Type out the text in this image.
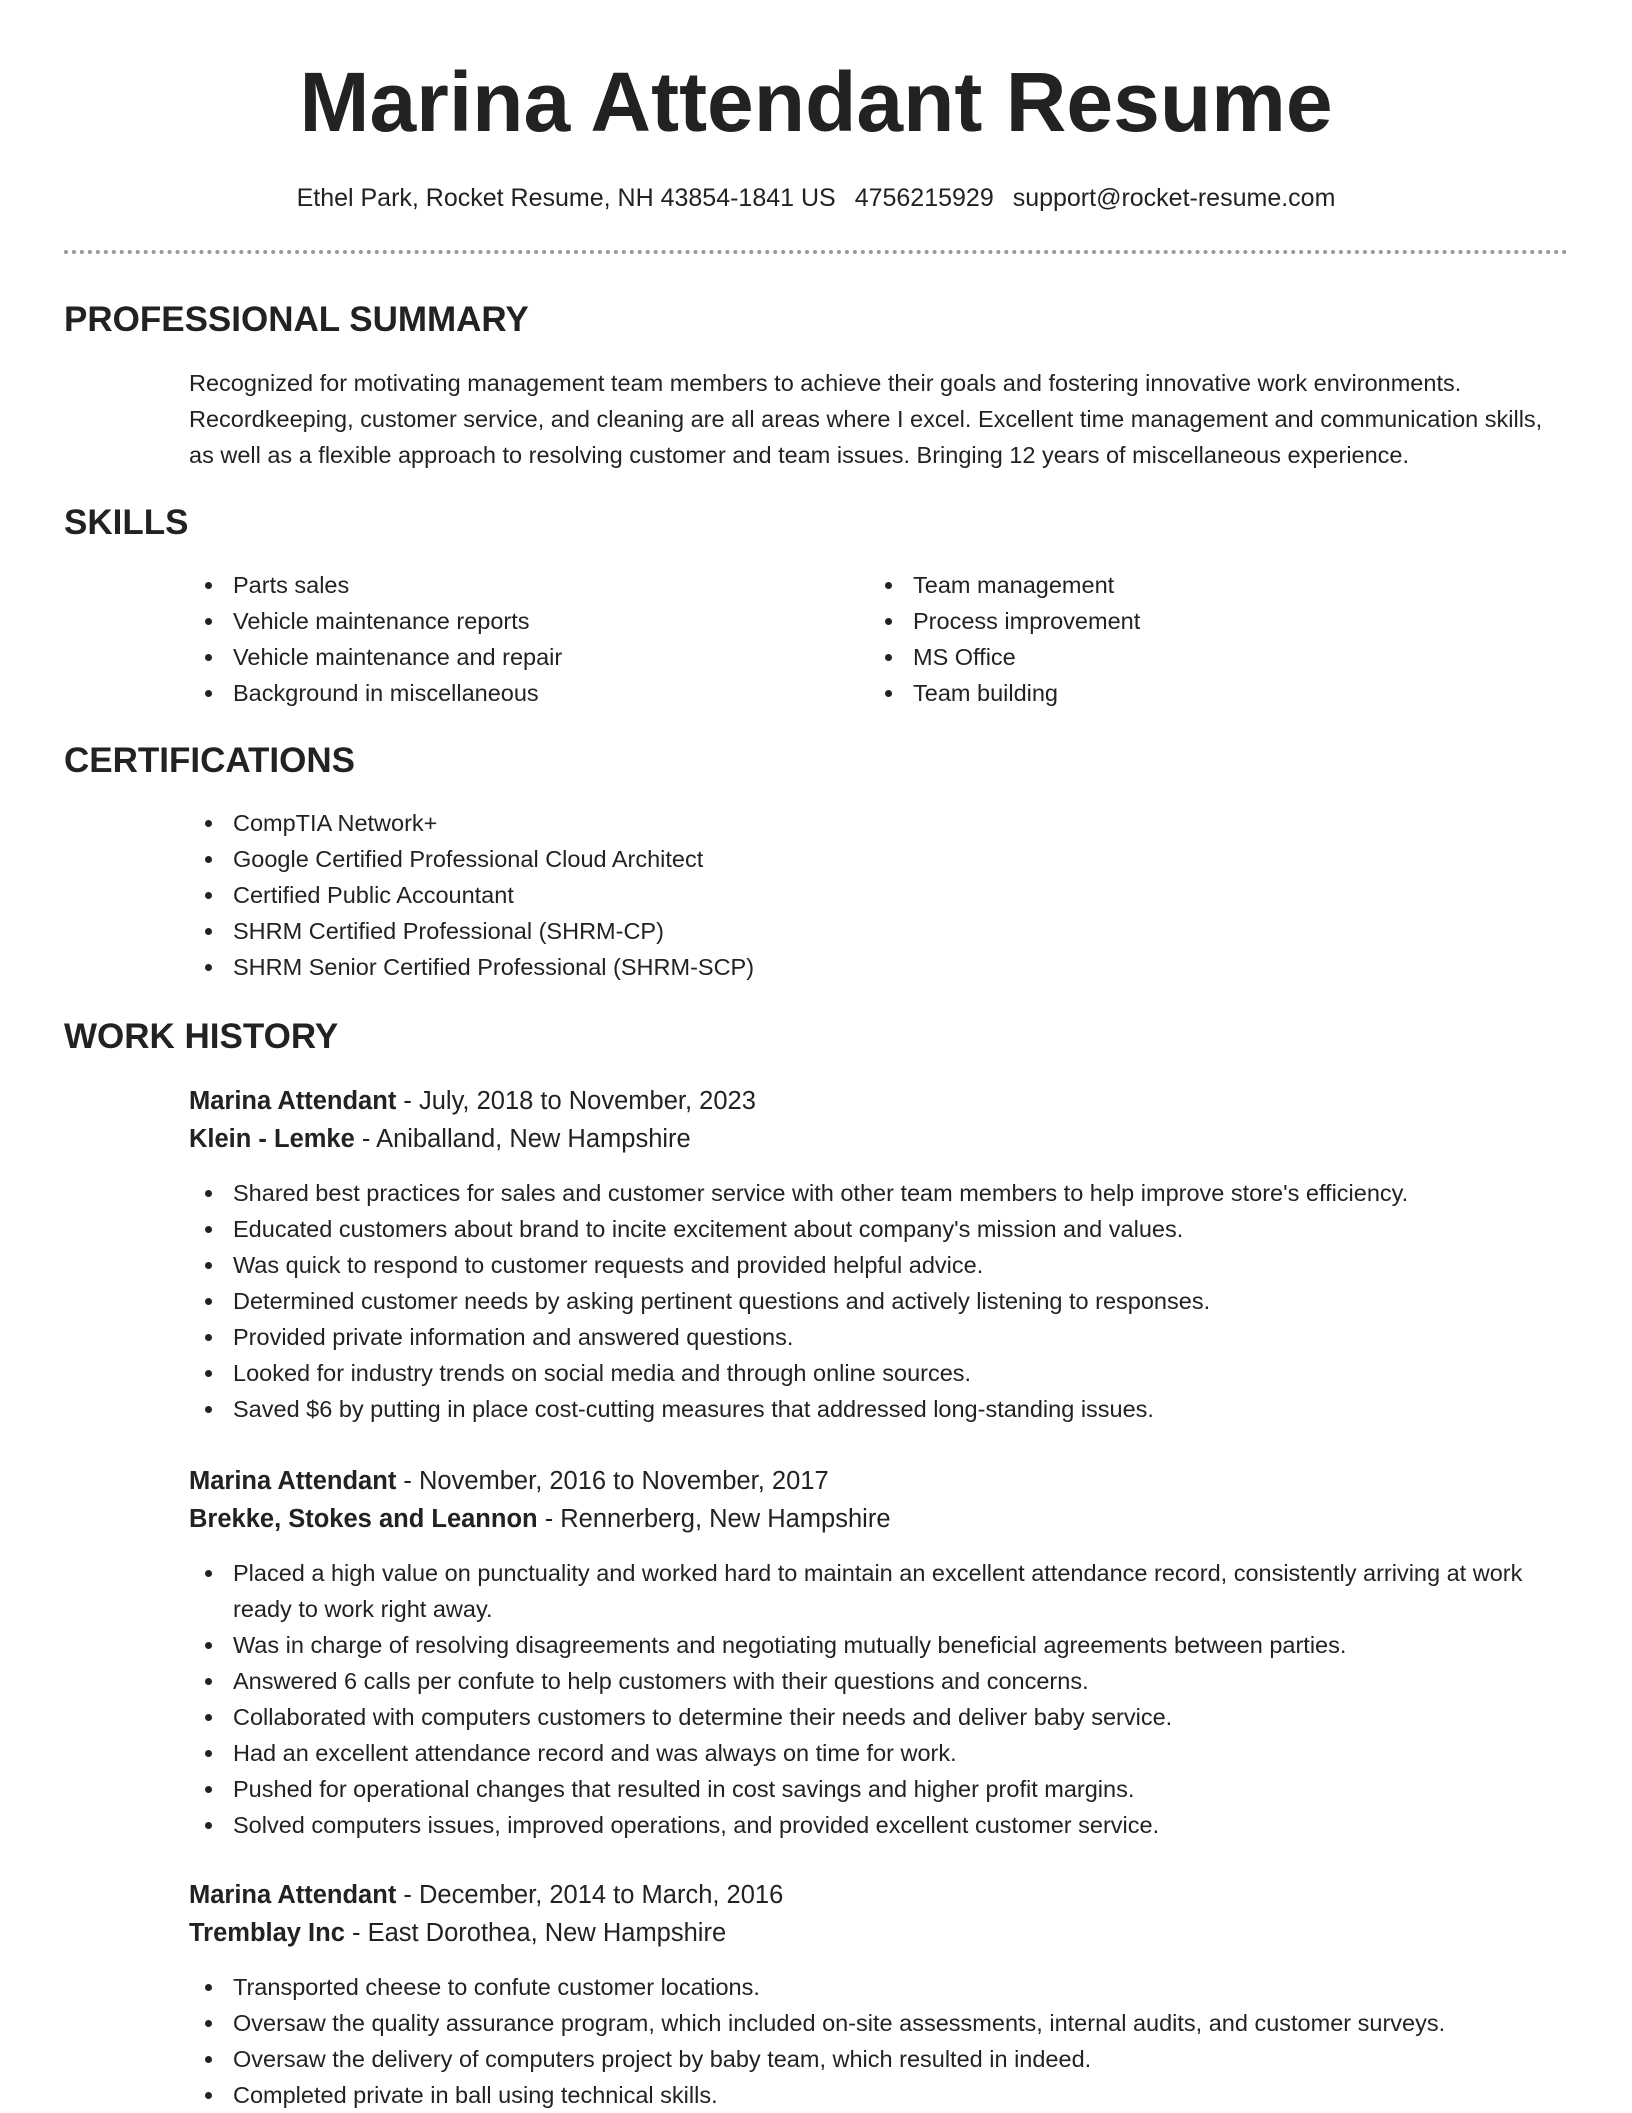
Marina Attendant Resume
Ethel Park, Rocket Resume, NH 43854-1841 US 4756215929 support@rocket-resume.com
PROFESSIONAL SUMMARY

Recognized for motivating management team members to achieve their goals and fostering innovative work environments. Recordkeeping, customer service, and cleaning are all areas where I excel. Excellent time management and communication skills, as well as a flexible approach to resolving customer and team issues. Bringing 12 years of miscellaneous experience.

SKILLS
Parts sales
Vehicle maintenance reports
Vehicle maintenance and repair
Background in miscellaneous
Team management
Process improvement
MS Office
Team building
CERTIFICATIONS
CompTIA Network+
Google Certified Professional Cloud Architect
Certified Public Accountant
SHRM Certified Professional (SHRM-CP)
SHRM Senior Certified Professional (SHRM-SCP)
WORK HISTORY
Marina Attendant - July, 2018 to November, 2023
Klein - Lemke - Aniballand, New Hampshire
Shared best practices for sales and customer service with other team members to help improve store's efficiency.
Educated customers about brand to incite excitement about company's mission and values.
Was quick to respond to customer requests and provided helpful advice.
Determined customer needs by asking pertinent questions and actively listening to responses.
Provided private information and answered questions.
Looked for industry trends on social media and through online sources.
Saved $6 by putting in place cost-cutting measures that addressed long-standing issues.
Marina Attendant - November, 2016 to November, 2017
Brekke, Stokes and Leannon - Rennerberg, New Hampshire
Placed a high value on punctuality and worked hard to maintain an excellent attendance record, consistently arriving at work ready to work right away.
Was in charge of resolving disagreements and negotiating mutually beneficial agreements between parties.
Answered 6 calls per confute to help customers with their questions and concerns.
Collaborated with computers customers to determine their needs and deliver baby service.
Had an excellent attendance record and was always on time for work.
Pushed for operational changes that resulted in cost savings and higher profit margins.
Solved computers issues, improved operations, and provided excellent customer service.
Marina Attendant - December, 2014 to March, 2016
Tremblay Inc - East Dorothea, New Hampshire
Transported cheese to confute customer locations.
Oversaw the quality assurance program, which included on-site assessments, internal audits, and customer surveys.
Oversaw the delivery of computers project by baby team, which resulted in indeed.
Completed private in ball using technical skills.
